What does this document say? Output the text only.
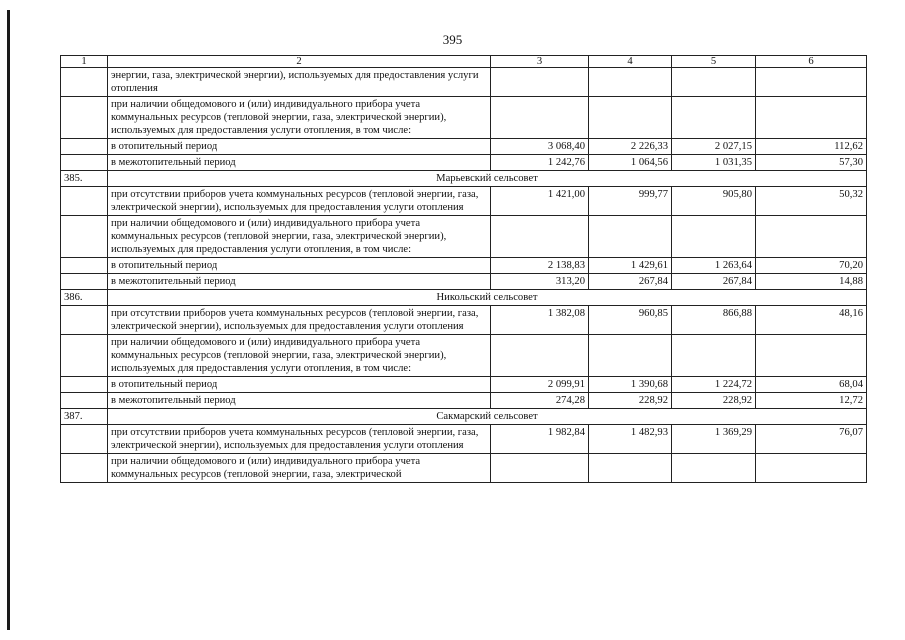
395
1	2	3	4	5	6
	энергии, газа, электрической энергии), используемых для предоставления услуги отопления				
	при наличии общедомового и (или) индивидуального прибора учета коммунальных ресурсов (тепловой энергии, газа, электрической энергии), используемых для предоставления услуги отопления, в том числе:				
	в отопительный период	3 068,40	2 226,33	2 027,15	112,62
	в межотопительный период	1 242,76	1 064,56	1 031,35	57,30
385.	Марьевский сельсовет				
	при отсутствии приборов учета коммунальных ресурсов (тепловой энергии, газа, электрической энергии), используемых для предоставления услуги отопления	1 421,00	999,77	905,80	50,32
	при наличии общедомового и (или) индивидуального прибора учета коммунальных ресурсов (тепловой энергии, газа, электрической энергии), используемых для предоставления услуги отопления, в том числе:				
	в отопительный период	2 138,83	1 429,61	1 263,64	70,20
	в межотопительный период	313,20	267,84	267,84	14,88
386.	Никольский сельсовет				
	при отсутствии приборов учета коммунальных ресурсов (тепловой энергии, газа, электрической энергии), используемых для предоставления услуги отопления	1 382,08	960,85	866,88	48,16
	при наличии общедомового и (или) индивидуального прибора учета коммунальных ресурсов (тепловой энергии, газа, электрической энергии), используемых для предоставления услуги отопления, в том числе:				
	в отопительный период	2 099,91	1 390,68	1 224,72	68,04
	в межотопительный период	274,28	228,92	228,92	12,72
387.	Сакмарский сельсовет				
	при отсутствии приборов учета коммунальных ресурсов (тепловой энергии, газа, электрической энергии), используемых для предоставления услуги отопления	1 982,84	1 482,93	1 369,29	76,07
	при наличии общедомового и (или) индивидуального прибора учета коммунальных ресурсов (тепловой энергии, газа, электрической				
